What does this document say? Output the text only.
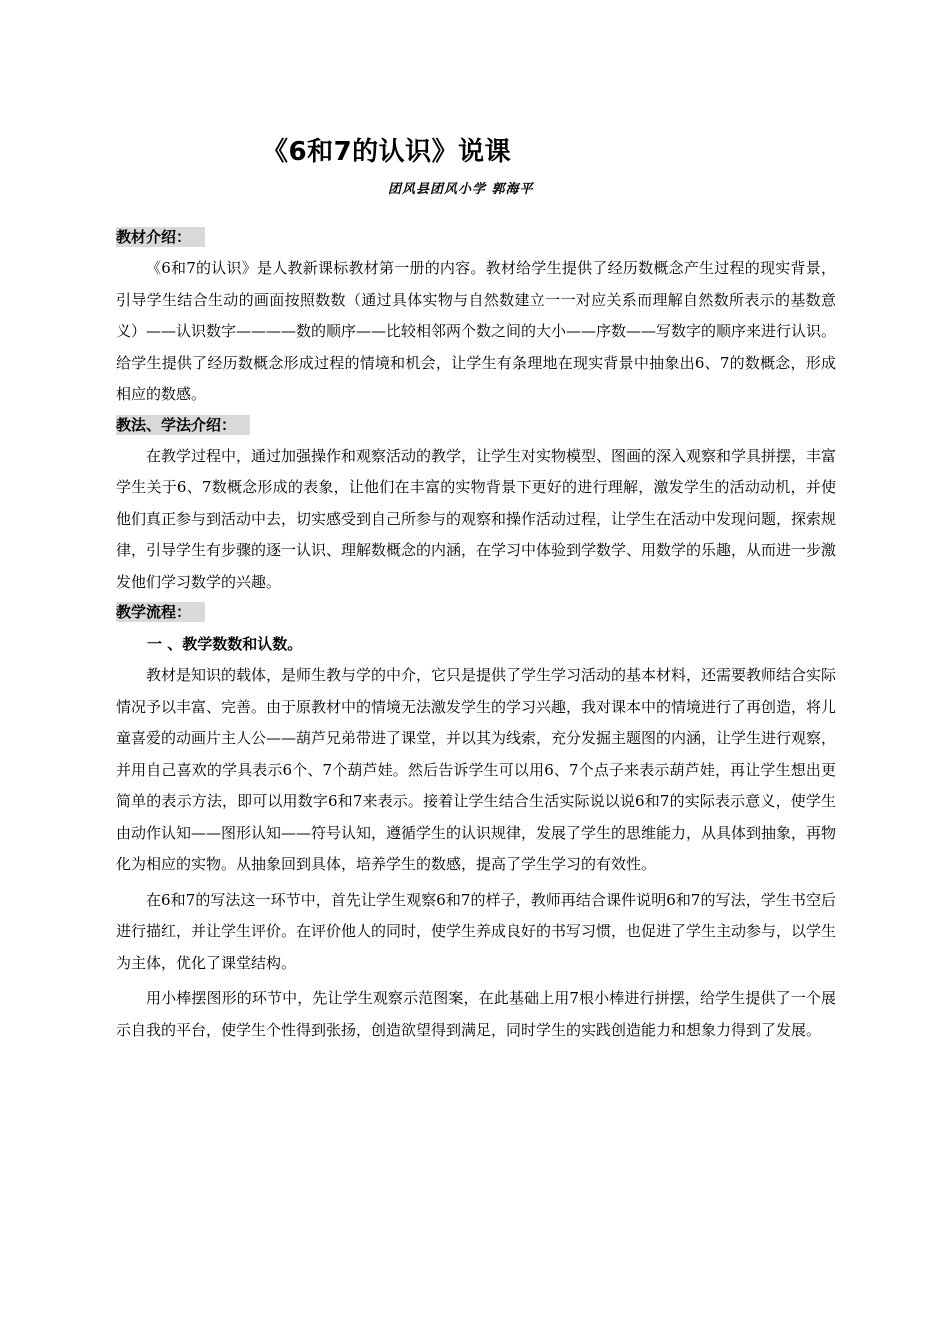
《6和7的认识》说课
团风县团风小学 郭海平
教材介绍：

《6和7的认识》是人教新课标教材第一册的内容。教材给学生提供了经历数概念产生过程的现实背景，引导学生结合生动的画面按照数数（通过具体实物与自然数建立一一对应关系而理解自然数所表示的基数意义）——认识数字————数的顺序——比较相邻两个数之间的大小——序数——写数字的顺序来进行认识。给学生提供了经历数概念形成过程的情境和机会，让学生有条理地在现实背景中抽象出6、7的数概念，形成相应的数感。

教法、学法介绍：

在教学过程中，通过加强操作和观察活动的教学，让学生对实物模型、图画的深入观察和学具拼摆，丰富学生关于6、7数概念形成的表象，让他们在丰富的实物背景下更好的进行理解，激发学生的活动动机，并使他们真正参与到活动中去，切实感受到自己所参与的观察和操作活动过程，让学生在活动中发现问题，探索规律，引导学生有步骤的逐一认识、理解数概念的内涵，在学习中体验到学数学、用数学的乐趣，从而进一步激发他们学习数学的兴趣。

教学流程：
一 、教学数数和认数。

教材是知识的载体，是师生教与学的中介，它只是提供了学生学习活动的基本材料，还需要教师结合实际情况予以丰富、完善。由于原教材中的情境无法激发学生的学习兴趣，我对课本中的情境进行了再创造，将儿童喜爱的动画片主人公——葫芦兄弟带进了课堂，并以其为线索，充分发掘主题图的内涵，让学生进行观察，并用自己喜欢的学具表示6个、7个葫芦娃。然后告诉学生可以用6、7个点子来表示葫芦娃，再让学生想出更简单的表示方法，即可以用数字6和7来表示。接着让学生结合生活实际说以说6和7的实际表示意义，使学生由动作认知——图形认知——符号认知，遵循学生的认识规律，发展了学生的思维能力，从具体到抽象，再物化为相应的实物。从抽象回到具体，培养学生的数感，提高了学生学习的有效性。

在6和7的写法这一环节中，首先让学生观察6和7的样子，教师再结合课件说明6和7的写法，学生书空后进行描红，并让学生评价。在评价他人的同时，使学生养成良好的书写习惯，也促进了学生主动参与，以学生为主体，优化了课堂结构。

用小棒摆图形的环节中，先让学生观察示范图案，在此基础上用7根小棒进行拼摆，给学生提供了一个展示自我的平台，使学生个性得到张扬，创造欲望得到满足，同时学生的实践创造能力和想象力得到了发展。
